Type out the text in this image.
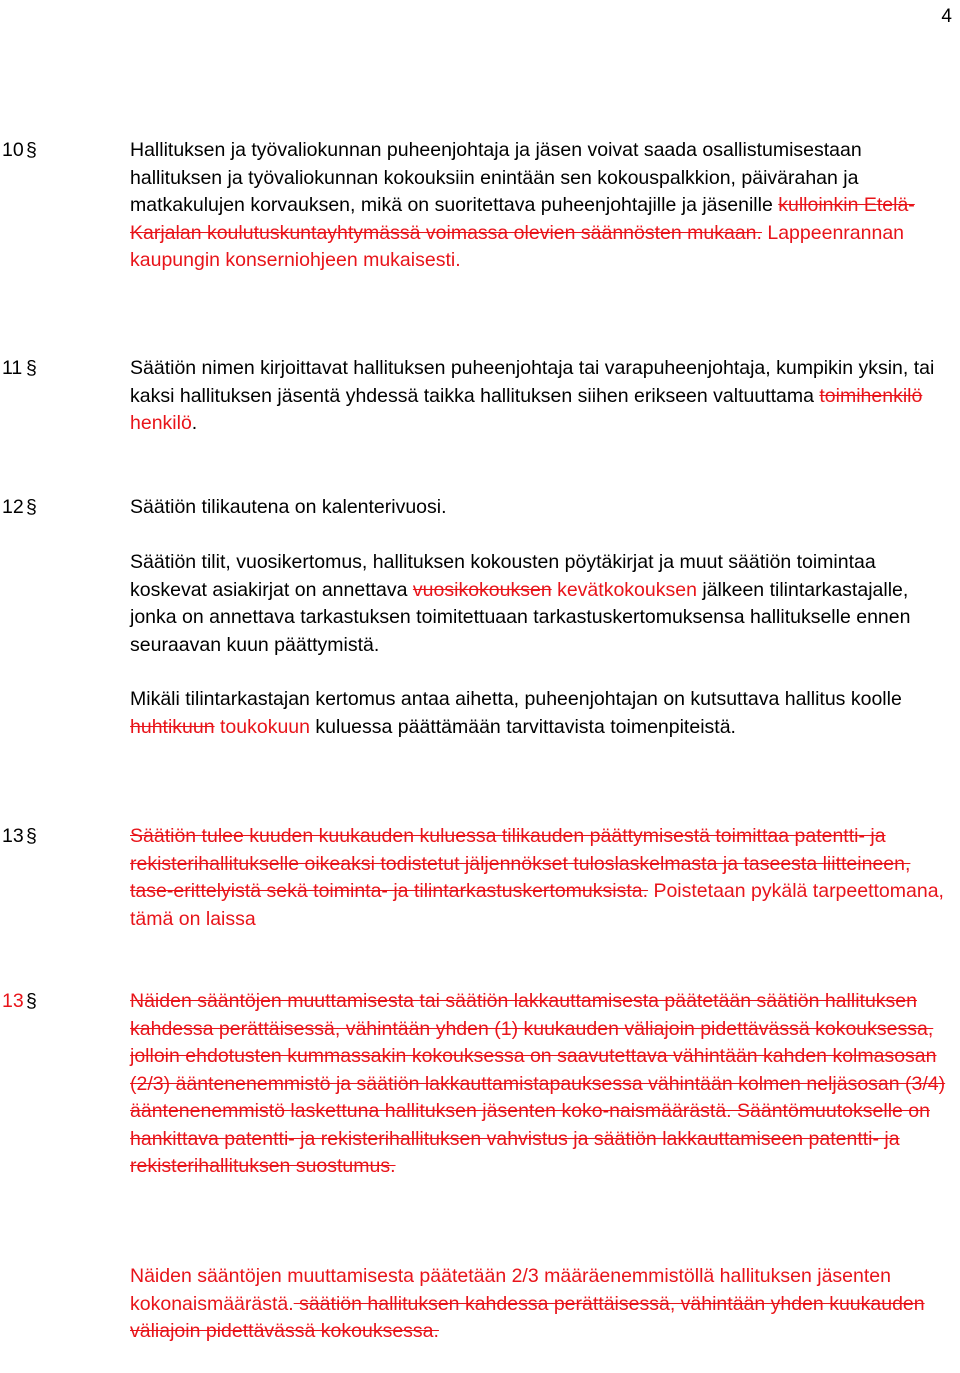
4
10 §	Hallituksen ja työvaliokunnan puheenjohtaja ja jäsen voivat saada osallistumisestaan hallituksen ja työvaliokunnan kokouksiin enintään sen kokouspalkkion, päivärahan ja matkakulujen korvauksen, mikä on suoritettava puheenjohtajille ja jäsenille kulloinkin Etelä-Karjalan koulutuskuntayhtymässä voimassa olevien säännösten mukaan. Lappeenrannan kaupungin konserniohjeen mukaisesti.

11 §	Säätiön nimen kirjoittavat hallituksen puheenjohtaja tai varapuheenjohtaja, kumpikin yksin, tai kaksi hallituksen jäsentä yhdessä taikka hallituksen siihen erikseen valtuuttama toimihenkilö henkilö.

12 §	Säätiön tilikautena on kalenterivuosi.

Säätiön tilit, vuosikertomus, hallituksen kokousten pöytäkirjat ja muut säätiön toimintaa koskevat asiakirjat on annettava vuosikokouksen kevätkokouksen jälkeen tilintarkastajalle, jonka on annettava tarkastuksen toimitettuaan tarkastuskertomuksensa hallitukselle ennen seuraavan kuun päättymistä.

Mikäli tilintarkastajan kertomus antaa aihetta, puheenjohtajan on kutsuttava hallitus koolle huhtikuun toukokuun kuluessa päättämään tarvittavista toimenpiteistä.

13 §	Säätiön tulee kuuden kuukauden kuluessa tilikauden päättymisestä toimittaa patentti- ja rekisterihallitukselle oikeaksi todistetut jäljennökset tuloslaskelmasta ja taseesta liitteineen, tase-erittelyistä sekä toiminta- ja tilintarkastuskertomuksista. Poistetaan pykälä tarpeettomana, tämä on laissa

13 §	Näiden sääntöjen muuttamisesta tai säätiön lakkauttamisesta päätetään säätiön hallituksen kahdessa perättäisessä, vähintään yhden (1) kuukauden väliajoin pidettävässä kokouksessa, jolloin ehdotusten kummassakin kokouksessa on saavutettava vähintään kahden kolmasosan (2/3) ääntenenemmistö ja säätiön lakkauttamistapauksessa vähintään kolmen neljäsosan (3/4) ääntenenemmistö laskettuna hallituksen jäsenten koko-naismäärästä. Sääntömuutokselle on hankittava patentti- ja rekisterihallituksen vahvistus ja säätiön lakkauttamiseen patentti- ja rekisterihallituksen suostumus.

Näiden sääntöjen muuttamisesta päätetään 2/3 määräenemmistöllä hallituksen jäsenten kokonaismäärästä. säätiön hallituksen kahdessa perättäisessä, vähintään yhden kuukauden väliajoin pidettävässä kokouksessa.
